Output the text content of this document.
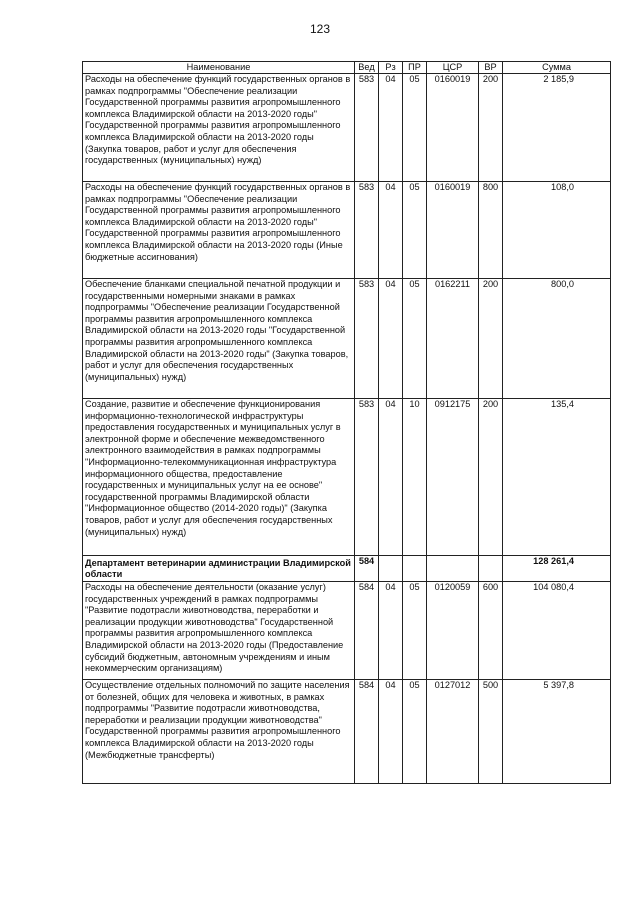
123
Наименование	Вед	Рз	ПР	ЦСР	ВР	Сумма
Расходы на обеспечение функций государственных органов в рамках подпрограммы "Обеспечение реализации Государственной программы развития агропромышленного комплекса Владимирской области на 2013-2020 годы" Государственной программы развития агропромышленного комплекса Владимирской области на 2013-2020 годы (Закупка товаров, работ и услуг для обеспечения государственных (муниципальных) нужд)	583	04	05	0160019	200	2 185,9
Расходы на обеспечение функций государственных органов в рамках подпрограммы "Обеспечение реализации Государственной программы развития агропромышленного комплекса Владимирской области на 2013-2020 годы" Государственной программы развития агропромышленного комплекса Владимирской области на 2013-2020 годы (Иные бюджетные ассигнования)	583	04	05	0160019	800	108,0
Обеспечение бланками специальной печатной продукции и государственными номерными знаками в рамках подпрограммы "Обеспечение реализации Государственной программы развития агропромышленного комплекса Владимирской области на 2013-2020 годы "Государственной программы развития агропромышленного комплекса Владимирской области на 2013-2020 годы" (Закупка товаров, работ и услуг для обеспечения государственных (муниципальных) нужд)	583	04	05	0162211	200	800,0
Создание, развитие и обеспечение функционирования информационно-технологической инфраструктуры предоставления государственных и муниципальных услуг в электронной форме и обеспечение межведомственного электронного взаимодействия в рамках подпрограммы "Информационно-телекоммуникационная инфраструктура информационного общества, предоставление государственных и муниципальных услуг на ее основе" государственной программы Владимирской области "Информационное общество (2014-2020 годы)" (Закупка товаров, работ и услуг для обеспечения государственных (муниципальных) нужд)	583	04	10	0912175	200	135,4
Департамент ветеринарии администрации Владимирской области	584					128 261,4
Расходы на обеспечение деятельности (оказание услуг) государственных учреждений в рамках подпрограммы "Развитие подотрасли животноводства, переработки и реализации продукции животноводства" Государственной программы развития агропромышленного комплекса Владимирской области на 2013-2020 годы (Предоставление субсидий бюджетным, автономным учреждениям и иным некоммерческим организациям)	584	04	05	0120059	600	104 080,4
Осуществление отдельных полномочий по защите населения от болезней, общих для человека и животных, в рамках подпрограммы "Развитие подотрасли животноводства, переработки и реализации продукции животноводства" Государственной программы развития агропромышленного комплекса Владимирской области на 2013-2020 годы (Межбюджетные трансферты)	584	04	05	0127012	500	5 397,8
